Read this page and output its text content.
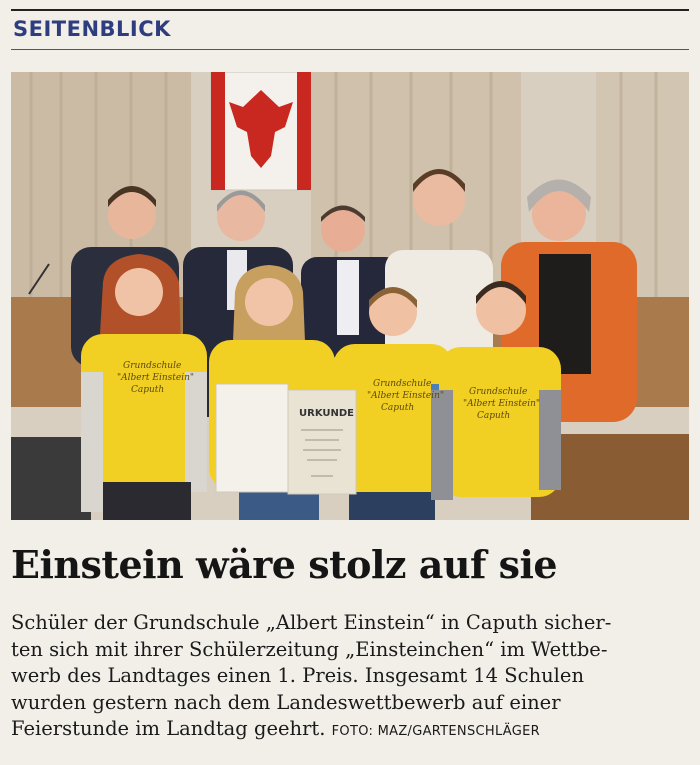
SEITENBLICK
Grundschule
"Albert Einstein"
Caputh
Grundschule
"Albert Einstein"
Caputh
Grundschule
"Albert Einstein"
Caputh
URKUNDE
Einstein wäre stolz auf sie
Schüler der Grundschule „Albert Einstein“ in Caputh sicher-
ten sich mit ihrer Schülerzeitung „Einsteinchen“ im Wettbe-
werb des Landtages einen 1. Preis. Insgesamt 14 Schulen
wurden gestern nach dem Landeswettbewerb auf einer
Feierstunde im Landtag geehrt. FOTO: MAZ/GARTENSCHLÄGER
